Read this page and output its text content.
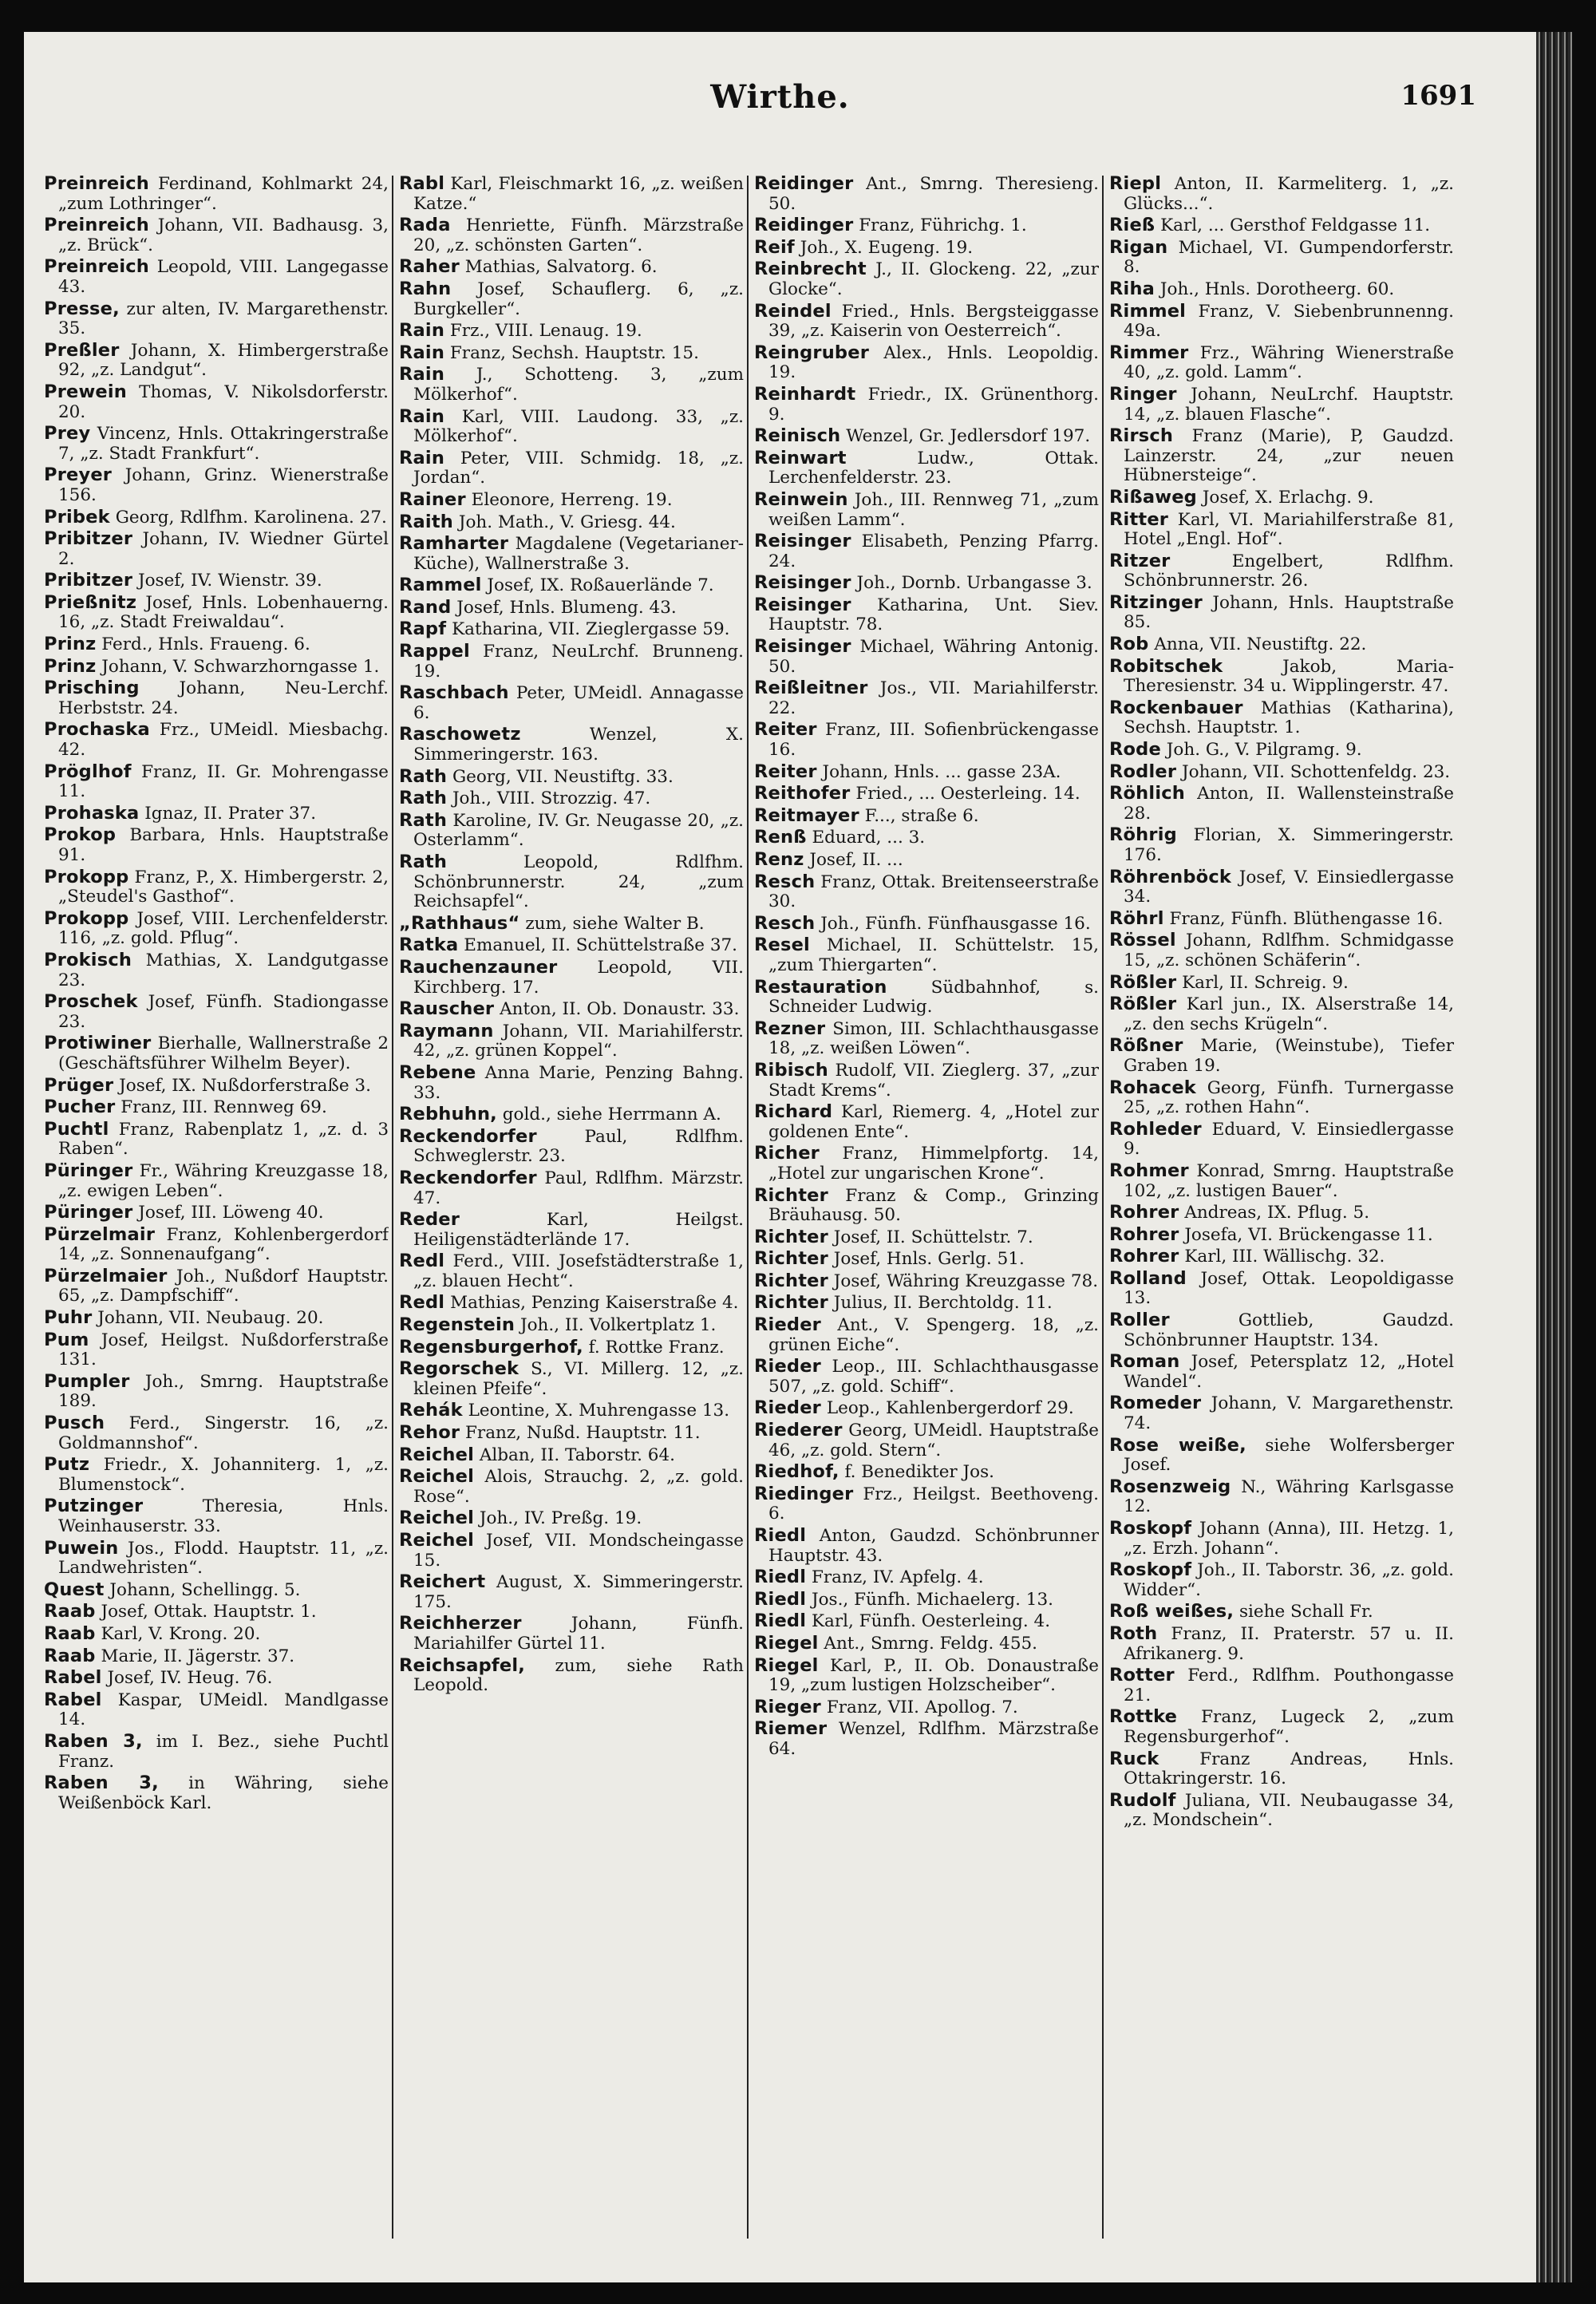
Wirthe.	1691

Preinreich Ferdinand, Kohlmarkt 24, „zum Lothringer“.

Preinreich Johann, VII. Badhausg. 3, „z. Brück“.

Preinreich Leopold, VIII. Langegasse 43.

Presse, zur alten, IV. Margarethenstr. 35.

Preßler Johann, X. Himbergerstraße 92, „z. Landgut“.

Prewein Thomas, V. Nikolsdorferstr. 20.

Prey Vincenz, Hnls. Ottakringerstraße 7, „z. Stadt Frankfurt“.

Preyer Johann, Grinz. Wienerstraße 156.

Pribek Georg, Rdlfhm. Karolinena. 27.

Pribitzer Johann, IV. Wiedner Gürtel 2.

Pribitzer Josef, IV. Wienstr. 39.

Prießnitz Josef, Hnls. Lobenhauerng. 16, „z. Stadt Freiwaldau“.

Prinz Ferd., Hnls. Fraueng. 6.

Prinz Johann, V. Schwarzhorngasse 1.

Prisching Johann, Neu-Lerchf. Herbststr. 24.

Prochaska Frz., UMeidl. Miesbachg. 42.

Pröglhof Franz, II. Gr. Mohrengasse 11.

Prohaska Ignaz, II. Prater 37.

Prokop Barbara, Hnls. Hauptstraße 91.

Prokopp Franz, P., X. Himbergerstr. 2, „Steudel's Gasthof“.

Prokopp Josef, VIII. Lerchenfelderstr. 116, „z. gold. Pflug“.

Prokisch Mathias, X. Landgutgasse 23.

Proschek Josef, Fünfh. Stadiongasse 23.

Protiwiner Bierhalle, Wallnerstraße 2 (Geschäftsführer Wilhelm Beyer).

Prüger Josef, IX. Nußdorferstraße 3.

Pucher Franz, III. Rennweg 69.

Puchtl Franz, Rabenplatz 1, „z. d. 3 Raben“.

Püringer Fr., Währing Kreuzgasse 18, „z. ewigen Leben“.

Püringer Josef, III. Löweng 40.

Pürzelmair Franz, Kohlenbergerdorf 14, „z. Sonnenaufgang“.

Pürzelmaier Joh., Nußdorf Hauptstr. 65, „z. Dampfschiff“.

Puhr Johann, VII. Neubaug. 20.

Pum Josef, Heilgst. Nußdorferstraße 131.

Pumpler Joh., Smrng. Hauptstraße 189.

Pusch Ferd., Singerstr. 16, „z. Goldmannshof“.

Putz Friedr., X. Johanniterg. 1, „z. Blumenstock“.

Putzinger	Theresia, Hnls. Weinhauserstr. 33.

Puwein Jos., Flodd. Hauptstr. 11, „z. Landwehristen“.

Quest Johann, Schellingg. 5.

Raab Josef, Ottak. Hauptstr. 1.

Raab Karl, V. Krong. 20.

Raab Marie, II. Jägerstr. 37.

Rabel Josef, IV. Heug. 76.

Rabel Kaspar, UMeidl. Mandlgasse 14.

Raben 3, im I. Bez., siehe Puchtl Franz.

Raben 3, in Währing, siehe Weißenböck Karl.

Rabl Karl, Fleischmarkt 16, „z. weißen Katze.“

Rada Henriette, Fünfh. Märzstraße 20, „z. schönsten Garten“.

Raher Mathias, Salvatorg. 6.

Rahn Josef, Schauflerg. 6, „z. Burgkeller“.

Rain Frz., VIII. Lenaug. 19.

Rain Franz, Sechsh. Hauptstr. 15.

Rain J., Schotteng. 3, „zum Mölkerhof“.

Rain Karl, VIII. Laudong. 33, „z. Mölkerhof“.

Rain Peter, VIII. Schmidg. 18, „z. Jordan“.

Rainer Eleonore, Herreng. 19.

Raith Joh. Math., V. Griesg. 44.

Ramharter Magdalene (Vegetarianer-Küche), Wallnerstraße 3.

Rammel Josef, IX. Roßauerlände 7.

Rand Josef, Hnls. Blumeng. 43.

Rapf Katharina, VII. Zieglergasse 59.

Rappel Franz, NeuLrchf. Brunneng. 19.

Raschbach Peter, UMeidl. Annagasse 6.

Raschowetz	Wenzel, X. Simmeringerstr. 163.

Rath Georg, VII. Neustiftg. 33.

Rath Joh., VIII. Strozzig. 47.

Rath Karoline, IV. Gr. Neugasse 20, „z. Osterlamm“.

Rath	Leopold, Rdlfhm. Schönbrunnerstr. 24, „zum Reichsapfel“.

„Rathhaus“ zum, siehe Walter B.

Ratka Emanuel, II. Schüttelstraße 37.

Rauchenzauner Leopold, VII. Kirchberg. 17.

Rauscher Anton, II. Ob. Donaustr. 33.

Raymann Johann, VII. Mariahilferstr. 42, „z. grünen Koppel“.

Rebene Anna Marie, Penzing Bahng. 33.

Rebhuhn, gold., siehe Herrmann A.

Reckendorfer	Paul, Rdlfhm. Schweglerstr. 23.

Reckendorfer Paul, Rdlfhm. Märzstr. 47.

Reder	Karl, Heilgst. Heiligenstädterlände 17.

Redl Ferd., VIII. Josefstädterstraße 1, „z. blauen Hecht“.

Redl Mathias, Penzing Kaiserstraße 4.

Regenstein Joh., II. Volkertplatz 1.

Regensburgerhof, f. Rottke Franz.

Regorschek S., VI. Millerg. 12, „z. kleinen Pfeife“.

Rehák Leontine, X. Muhrengasse 13.

Rehor Franz, Nußd. Hauptstr. 11.

Reichel Alban, II. Taborstr. 64.

Reichel Alois, Strauchg. 2, „z. gold. Rose“.

Reichel Joh., IV. Preßg. 19.

Reichel Josef, VII. Mondscheingasse 15.

Reichert August, X. Simmeringerstr. 175.

Reichherzer	Johann, Fünfh. Mariahilfer Gürtel 11.

Reichsapfel, zum, siehe Rath Leopold.

Reidinger Ant., Smrng. Theresieng. 50.

Reidinger Franz, Führichg. 1.

Reif Joh., X. Eugeng. 19.

Reinbrecht J., II. Glockeng. 22, „zur Glocke“.

Reindel Fried., Hnls. Bergsteiggasse 39, „z. Kaiserin von Oesterreich“.

Reingruber Alex., Hnls. Leopoldig. 19.

Reinhardt Friedr., IX. Grünenthorg. 9.

Reinisch Wenzel, Gr. Jedlersdorf 197.

Reinwart	Ludw., Ottak. Lerchenfelderstr. 23.

Reinwein Joh., III. Rennweg 71, „zum weißen Lamm“.

Reisinger Elisabeth, Penzing Pfarrg. 24.

Reisinger Joh., Dornb. Urbangasse 3.

Reisinger Katharina, Unt. Siev. Hauptstr. 78.

Reisinger Michael, Währing Antonig. 50.

Reißleitner Jos., VII. Mariahilferstr. 22.

Reiter Franz, III. Sofienbrückengasse 16.

Reiter Johann, Hnls. ... gasse 23A.

Reithofer Fried., ... Oesterleing. 14.

Reitmayer F..., straße 6.

Renß Eduard, ... 3.

Renz Josef, II. ...

Resch Franz, Ottak. Breitenseerstraße 30.

Resch Joh., Fünfh. Fünfhausgasse 16.

Resel Michael, II. Schüttelstr. 15, „zum Thiergarten“.

Restauration	Südbahnhof, s. Schneider Ludwig.

Rezner Simon, III. Schlachthausgasse 18, „z. weißen Löwen“.

Ribisch Rudolf, VII. Zieglerg. 37, „zur Stadt Krems“.

Richard Karl, Riemerg. 4, „Hotel zur goldenen Ente“.

Richer Franz, Himmelpfortg. 14, „Hotel zur ungarischen Krone“.

Richter Franz & Comp., Grinzing Bräuhausg. 50.

Richter Josef, II. Schüttelstr. 7.

Richter Josef, Hnls. Gerlg. 51.

Richter Josef, Währing Kreuzgasse 78.

Richter Julius, II. Berchtoldg. 11.

Rieder Ant., V. Spengerg. 18, „z. grünen Eiche“.

Rieder Leop., III. Schlachthausgasse 507, „z. gold. Schiff“.

Rieder Leop., Kahlenbergerdorf 29.

Riederer Georg, UMeidl. Hauptstraße 46, „z. gold. Stern“.

Riedhof, f. Benedikter Jos.

Riedinger Frz., Heilgst. Beethoveng. 6.

Riedl Anton, Gaudzd. Schönbrunner Hauptstr. 43.

Riedl Franz, IV. Apfelg. 4.

Riedl Jos., Fünfh. Michaelerg. 13.

Riedl Karl, Fünfh. Oesterleing. 4.

Riegel Ant., Smrng. Feldg. 455.

Riegel Karl, P., II. Ob. Donaustraße 19, „zum lustigen Holzscheiber“.

Rieger Franz, VII. Apollog. 7.

Riemer Wenzel, Rdlfhm. Märzstraße 64.

Riepl Anton, II. Karmeliterg. 1, „z. Glücks...“.

Rieß Karl, ... Gersthof Feldgasse 11.

Rigan Michael, VI. Gumpendorferstr. 8.

Riha Joh., Hnls. Dorotheerg. 60.

Rimmel Franz, V. Siebenbrunnenng. 49a.

Rimmer Frz., Währing Wienerstraße 40, „z. gold. Lamm“.

Ringer Johann, NeuLrchf. Hauptstr. 14, „z. blauen Flasche“.

Rirsch Franz (Marie), P, Gaudzd. Lainzerstr. 24, „zur neuen Hübnersteige“.

Rißaweg Josef, X. Erlachg. 9.

Ritter Karl, VI. Mariahilferstraße 81, Hotel „Engl. Hof“.

Ritzer	Engelbert, Rdlfhm. Schönbrunnerstr. 26.

Ritzinger Johann, Hnls. Hauptstraße 85.

Rob Anna, VII. Neustiftg. 22.

Robitschek	Jakob, Maria-Theresienstr. 34 u. Wipplingerstr. 47.

Rockenbauer Mathias (Katharina), Sechsh. Hauptstr. 1.

Rode Joh. G., V. Pilgramg. 9.

Rodler Johann, VII. Schottenfeldg. 23.

Röhlich Anton, II. Wallensteinstraße 28.

Röhrig Florian, X. Simmeringerstr. 176.

Röhrenböck Josef, V. Einsiedlergasse 34.

Röhrl Franz, Fünfh. Blüthengasse 16.

Rössel Johann, Rdlfhm. Schmidgasse 15, „z. schönen Schäferin“.

Rößler Karl, II. Schreig. 9.

Rößler Karl jun., IX. Alserstraße 14, „z. den sechs Krügeln“.

Rößner Marie, (Weinstube), Tiefer Graben 19.

Rohacek Georg, Fünfh. Turnergasse 25, „z. rothen Hahn“.

Rohleder Eduard, V. Einsiedlergasse 9.

Rohmer Konrad, Smrng. Hauptstraße 102, „z. lustigen Bauer“.

Rohrer Andreas, IX. Pflug. 5.

Rohrer Josefa, VI. Brückengasse 11.

Rohrer Karl, III. Wällischg. 32.

Rolland Josef, Ottak. Leopoldigasse 13.

Roller	Gottlieb, Gaudzd. Schönbrunner Hauptstr. 134.

Roman Josef, Petersplatz 12, „Hotel Wandel“.

Romeder Johann, V. Margarethenstr. 74.

Rose weiße, siehe Wolfersberger Josef.

Rosenzweig N., Währing Karlsgasse 12.

Roskopf Johann (Anna), III. Hetzg. 1, „z. Erzh. Johann“.

Roskopf Joh., II. Taborstr. 36, „z. gold. Widder“.

Roß weißes, siehe Schall Fr.

Roth Franz, II. Praterstr. 57 u. II. Afrikanerg. 9.

Rotter Ferd., Rdlfhm. Pouthongasse 21.

Rottke Franz, Lugeck 2, „zum Regensburgerhof“.

Ruck Franz Andreas, Hnls. Ottakringerstr. 16.

Rudolf Juliana, VII. Neubaugasse 34, „z. Mondschein“.
